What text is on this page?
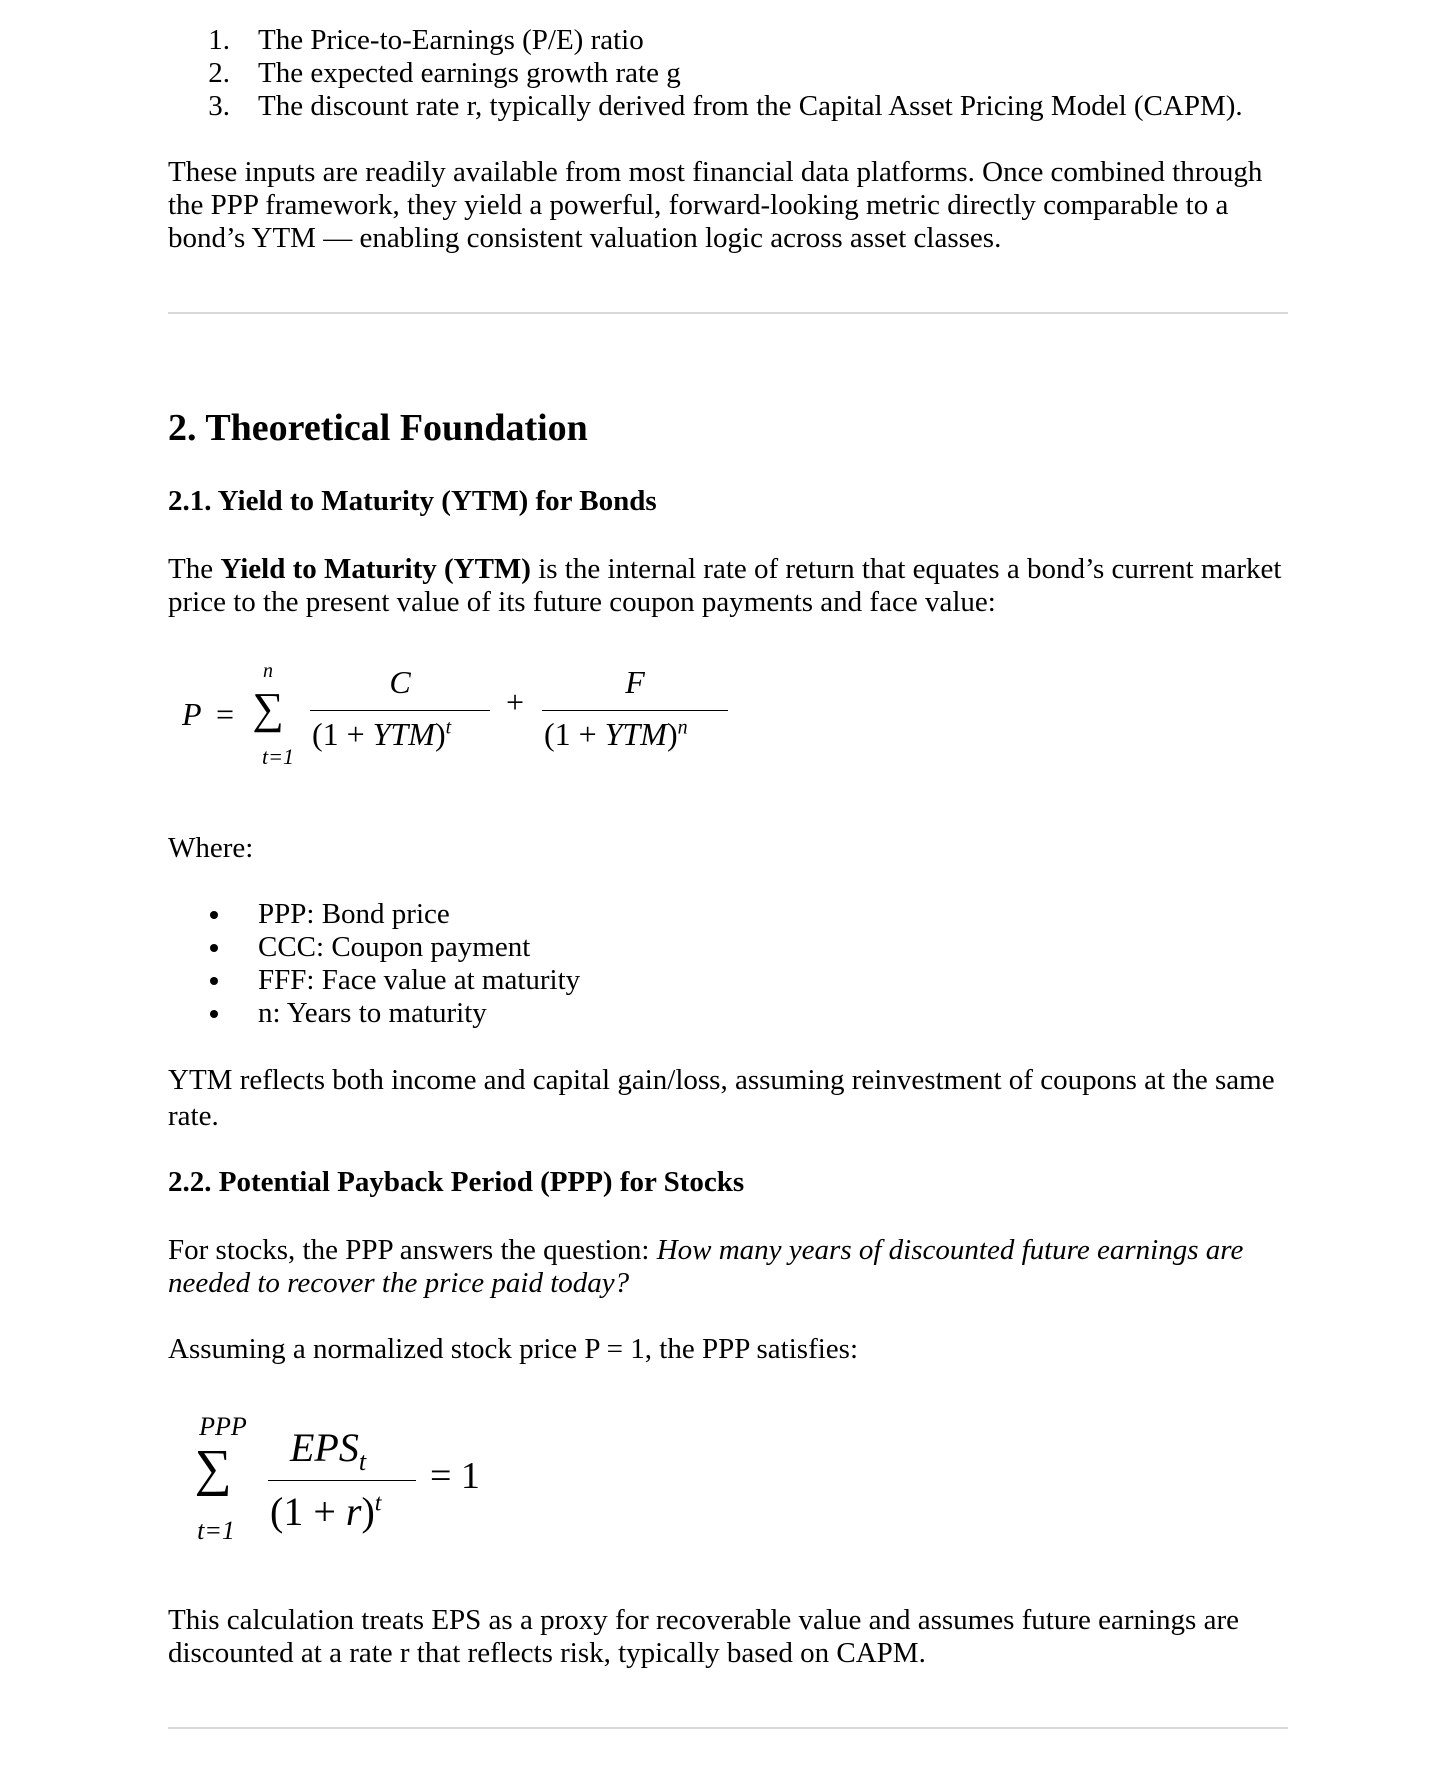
1. The Price-to-Earnings (P/E) ratio
2. The expected earnings growth rate g
3. The discount rate r, typically derived from the Capital Asset Pricing Model (CAPM).

These inputs are readily available from most financial data platforms. Once combined through the PPP framework, they yield a powerful, forward-looking metric directly comparable to a bond’s YTM — enabling consistent valuation logic across asset classes.

2. Theoretical Foundation
2.1. Yield to Maturity (YTM) for Bonds

The Yield to Maturity (YTM) is the internal rate of return that equates a bond’s current market price to the present value of its future coupon payments and face value:

P =
n
∑
t=1
C
(1 + YTM)$^t$
+
F
(1 + YTM)$^n$
Where:
PPP: Bond price
CCC: Coupon payment
FFF: Face value at maturity
n: Years to maturity

YTM reflects both income and capital gain/loss, assuming reinvestment of coupons at the same rate.

2.2. Potential Payback Period (PPP) for Stocks

For stocks, the PPP answers the question: How many years of discounted future earnings are needed to recover the price paid today?

Assuming a normalized stock price P = 1, the PPP satisfies:

PPP
∑
t=1
$EPS_t$
$(1 + r)^t$
= 1

This calculation treats EPS as a proxy for recoverable value and assumes future earnings are discounted at a rate r that reflects risk, typically based on CAPM.
